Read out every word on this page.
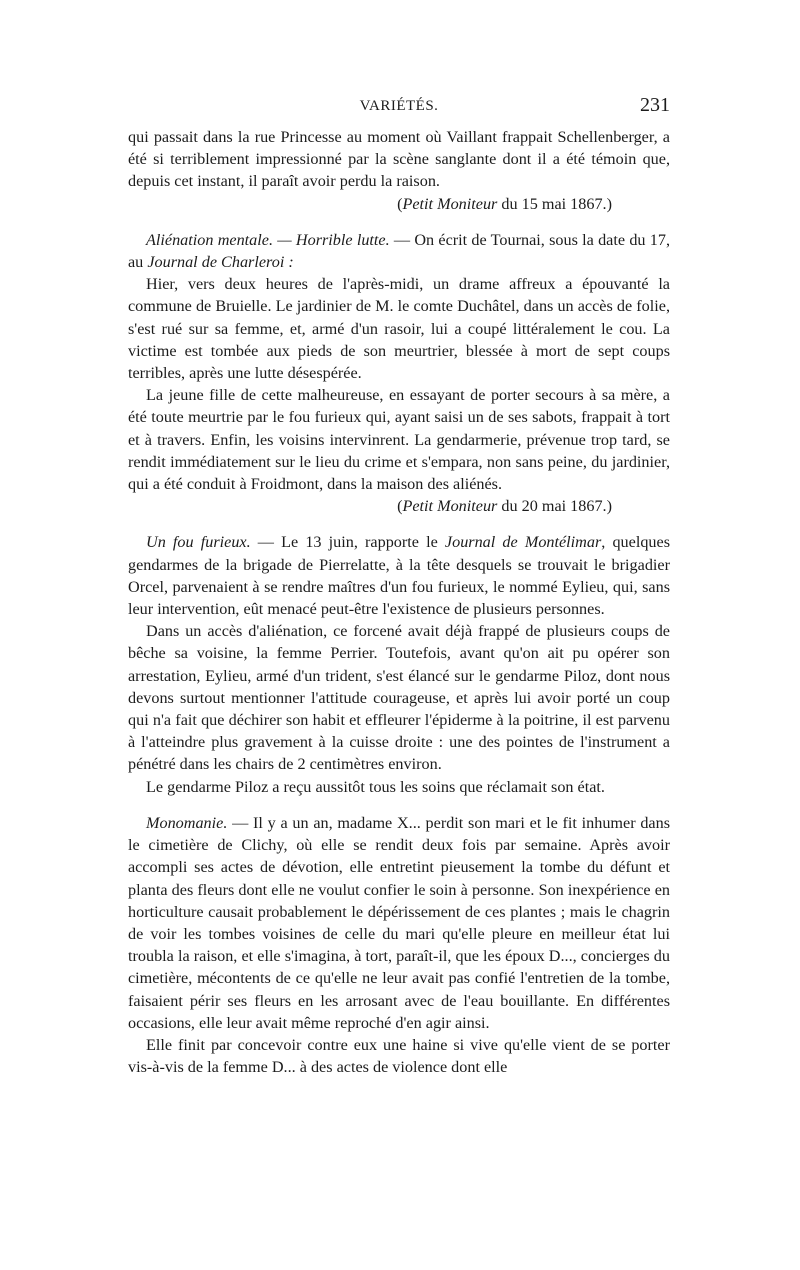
VARIÉTÉS.	231

qui passait dans la rue Princesse au moment où Vaillant frappait Schellenberger, a été si terriblement impressionné par la scène sanglante dont il a été témoin que, depuis cet instant, il paraît avoir perdu la raison.

(Petit Moniteur du 15 mai 1867.)

Aliénation mentale. — Horrible lutte. — On écrit de Tournai, sous la date du 17, au Journal de Charleroi :

Hier, vers deux heures de l'après-midi, un drame affreux a épouvanté la commune de Bruielle. Le jardinier de M. le comte Duchâtel, dans un accès de folie, s'est rué sur sa femme, et, armé d'un rasoir, lui a coupé littéralement le cou. La victime est tombée aux pieds de son meurtrier, blessée à mort de sept coups terribles, après une lutte désespérée.

La jeune fille de cette malheureuse, en essayant de porter secours à sa mère, a été toute meurtrie par le fou furieux qui, ayant saisi un de ses sabots, frappait à tort et à travers. Enfin, les voisins intervinrent. La gendarmerie, prévenue trop tard, se rendit immédiatement sur le lieu du crime et s'empara, non sans peine, du jardinier, qui a été conduit à Froidmont, dans la maison des aliénés.

(Petit Moniteur du 20 mai 1867.)

Un fou furieux. — Le 13 juin, rapporte le Journal de Montélimar, quelques gendarmes de la brigade de Pierrelatte, à la tête desquels se trouvait le brigadier Orcel, parvenaient à se rendre maîtres d'un fou furieux, le nommé Eylieu, qui, sans leur intervention, eût menacé peut-être l'existence de plusieurs personnes.

Dans un accès d'aliénation, ce forcené avait déjà frappé de plusieurs coups de bêche sa voisine, la femme Perrier. Toutefois, avant qu'on ait pu opérer son arrestation, Eylieu, armé d'un trident, s'est élancé sur le gendarme Piloz, dont nous devons surtout mentionner l'attitude courageuse, et après lui avoir porté un coup qui n'a fait que déchirer son habit et effleurer l'épiderme à la poitrine, il est parvenu à l'atteindre plus gravement à la cuisse droite : une des pointes de l'instrument a pénétré dans les chairs de 2 centimètres environ.

Le gendarme Piloz a reçu aussitôt tous les soins que réclamait son état.

Monomanie. — Il y a un an, madame X... perdit son mari et le fit inhumer dans le cimetière de Clichy, où elle se rendit deux fois par semaine. Après avoir accompli ses actes de dévotion, elle entretint pieusement la tombe du défunt et planta des fleurs dont elle ne voulut confier le soin à personne. Son inexpérience en horticulture causait probablement le dépérissement de ces plantes ; mais le chagrin de voir les tombes voisines de celle du mari qu'elle pleure en meilleur état lui troubla la raison, et elle s'imagina, à tort, paraît-il, que les époux D..., concierges du cimetière, mécontents de ce qu'elle ne leur avait pas confié l'entretien de la tombe, faisaient périr ses fleurs en les arrosant avec de l'eau bouillante. En différentes occasions, elle leur avait même reproché d'en agir ainsi.

Elle finit par concevoir contre eux une haine si vive qu'elle vient de se porter vis-à-vis de la femme D... à des actes de violence dont elle
